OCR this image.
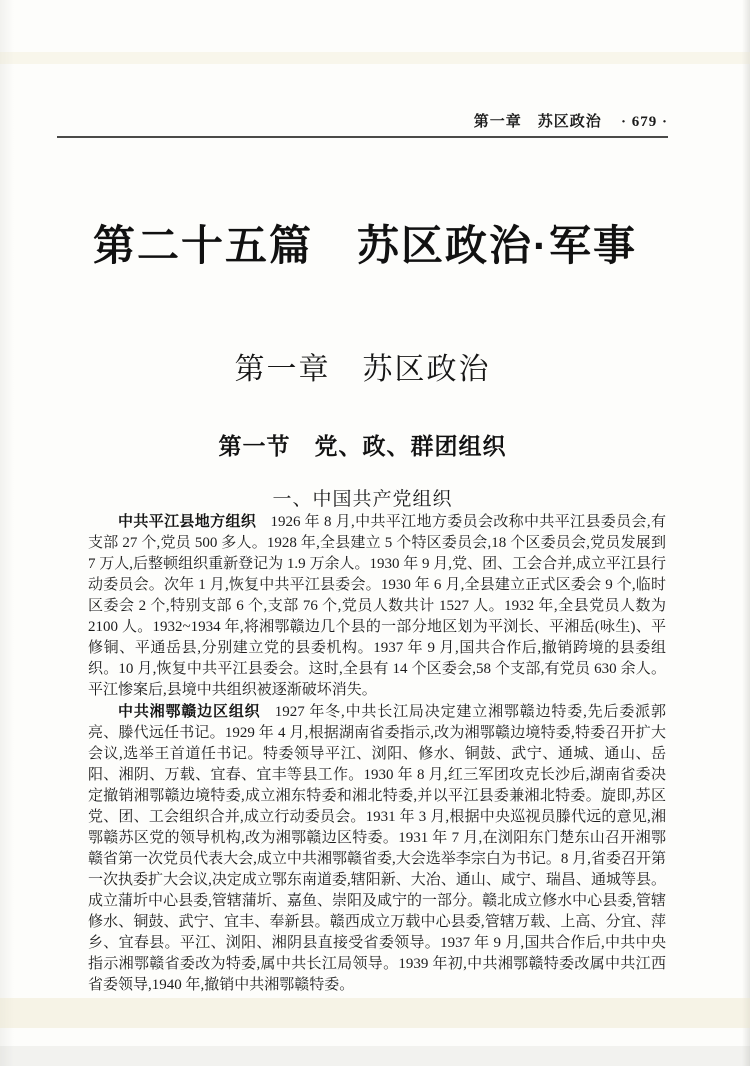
第一章　苏区政治 · 679 ·
第二十五篇　苏区政治·军事
第一章　苏区政治
第一节　党、政、群团组织
一、中国共产党组织

中共平江县地方组织 1926 年 8 月,中共平江地方委员会改称中共平江县委员会,有支部 27 个,党员 500 多人。1928 年,全县建立 5 个特区委员会,18 个区委员会,党员发展到 7 万人,后整顿组织重新登记为 1.9 万余人。1930 年 9 月,党、团、工会合并,成立平江县行动委员会。次年 1 月,恢复中共平江县委会。1930 年 6 月,全县建立正式区委会 9 个,临时区委会 2 个,特别支部 6 个,支部 76 个,党员人数共计 1527 人。1932 年,全县党员人数为 2100 人。1932~1934 年,将湘鄂赣边几个县的一部分地区划为平浏长、平湘岳(咏生)、平修铜、平通岳县,分别建立党的县委机构。1937 年 9 月,国共合作后,撤销跨境的县委组织。10 月,恢复中共平江县委会。这时,全县有 14 个区委会,58 个支部,有党员 630 余人。平江惨案后,县境中共组织被逐渐破坏消失。

中共湘鄂赣边区组织 1927 年冬,中共长江局决定建立湘鄂赣边特委,先后委派郭亮、滕代远任书记。1929 年 4 月,根据湖南省委指示,改为湘鄂赣边境特委,特委召开扩大会议,选举王首道任书记。特委领导平江、浏阳、修水、铜鼓、武宁、通城、通山、岳阳、湘阴、万载、宜春、宜丰等县工作。1930 年 8 月,红三军团攻克长沙后,湖南省委决定撤销湘鄂赣边境特委,成立湘东特委和湘北特委,并以平江县委兼湘北特委。旋即,苏区党、团、工会组织合并,成立行动委员会。1931 年 3 月,根据中央巡视员滕代远的意见,湘鄂赣苏区党的领导机构,改为湘鄂赣边区特委。1931 年 7 月,在浏阳东门楚东山召开湘鄂赣省第一次党员代表大会,成立中共湘鄂赣省委,大会选举李宗白为书记。8 月,省委召开第一次执委扩大会议,决定成立鄂东南道委,辖阳新、大冶、通山、咸宁、瑞昌、通城等县。成立蒲圻中心县委,管辖蒲圻、嘉鱼、崇阳及咸宁的一部分。赣北成立修水中心县委,管辖修水、铜鼓、武宁、宜丰、奉新县。赣西成立万载中心县委,管辖万载、上高、分宜、萍乡、宜春县。平江、浏阳、湘阴县直接受省委领导。1937 年 9 月,国共合作后,中共中央指示湘鄂赣省委改为特委,属中共长江局领导。1939 年初,中共湘鄂赣特委改属中共江西省委领导,1940 年,撤销中共湘鄂赣特委。
